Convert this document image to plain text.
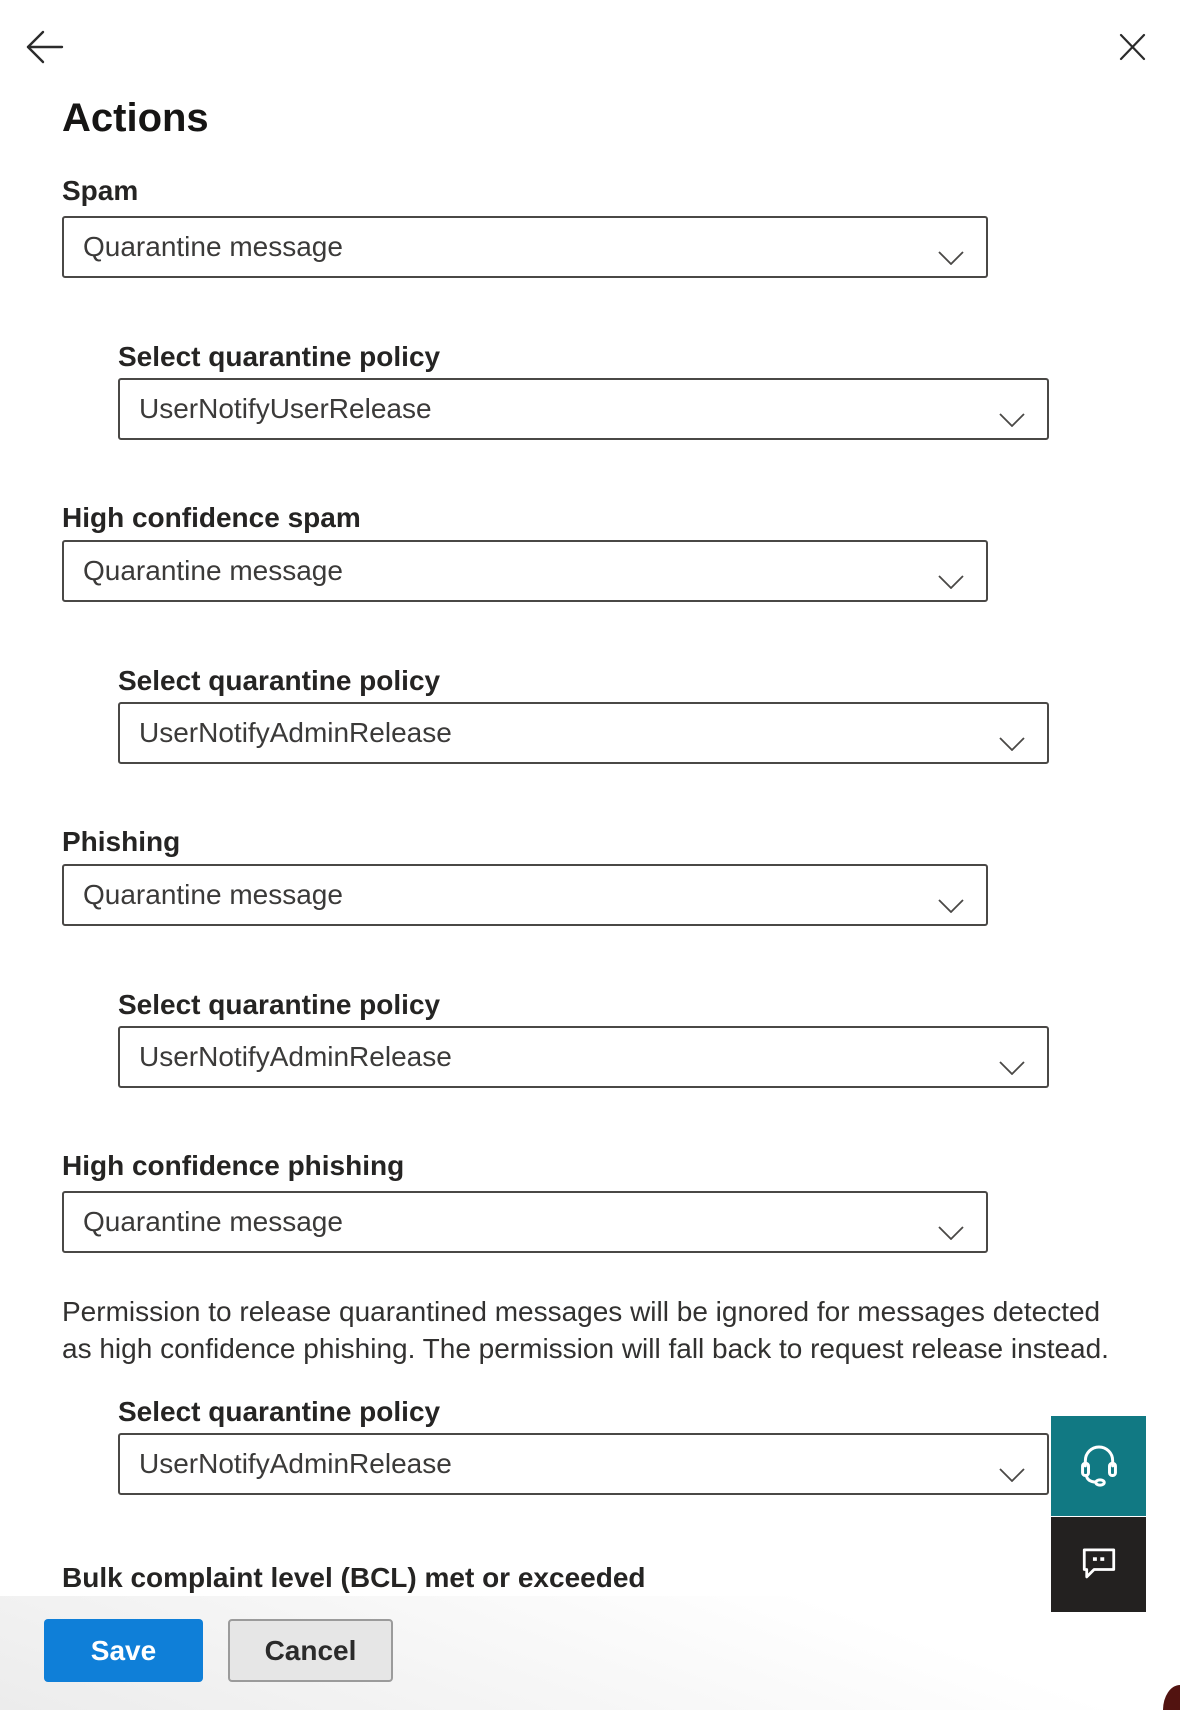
Actions
Spam
Quarantine message
Select quarantine policy
UserNotifyUserRelease
High confidence spam
Quarantine message
Select quarantine policy
UserNotifyAdminRelease
Phishing
Quarantine message
Select quarantine policy
UserNotifyAdminRelease
High confidence phishing
Quarantine message

Permission to release quarantined messages will be ignored for messages detected as high confidence phishing. The permission will fall back to request release instead.

Select quarantine policy
UserNotifyAdminRelease
Bulk complaint level (BCL) met or exceeded
Save	Cancel
